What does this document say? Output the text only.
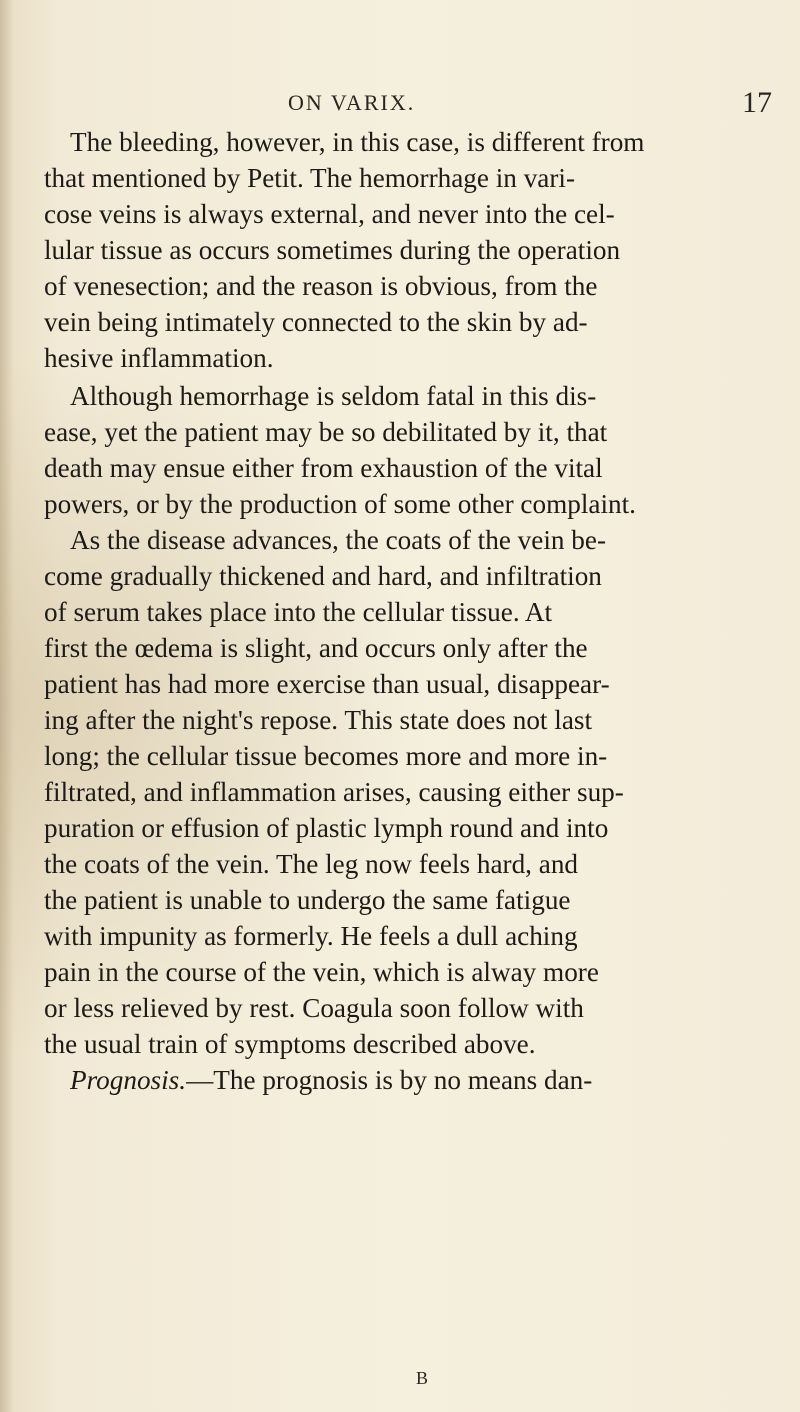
ON VARIX.	17
The bleeding, however, in this case, is different from
that mentioned by Petit. The hemorrhage in vari-
cose veins is always external, and never into the cel-
lular tissue as occurs sometimes during the operation
of venesection; and the reason is obvious, from the
vein being intimately connected to the skin by ad-
hesive inflammation.
Although hemorrhage is seldom fatal in this dis-
ease, yet the patient may be so debilitated by it, that
death may ensue either from exhaustion of the vital
powers, or by the production of some other complaint.
As the disease advances, the coats of the vein be-
come gradually thickened and hard, and infiltration
of serum takes place into the cellular tissue. At
first the œdema is slight, and occurs only after the
patient has had more exercise than usual, disappear-
ing after the night's repose. This state does not last
long; the cellular tissue becomes more and more in-
filtrated, and inflammation arises, causing either sup-
puration or effusion of plastic lymph round and into
the coats of the vein. The leg now feels hard, and
the patient is unable to undergo the same fatigue
with impunity as formerly. He feels a dull aching
pain in the course of the vein, which is alway more
or less relieved by rest. Coagula soon follow with
the usual train of symptoms described above.
Prognosis.—The prognosis is by no means dan-
B
